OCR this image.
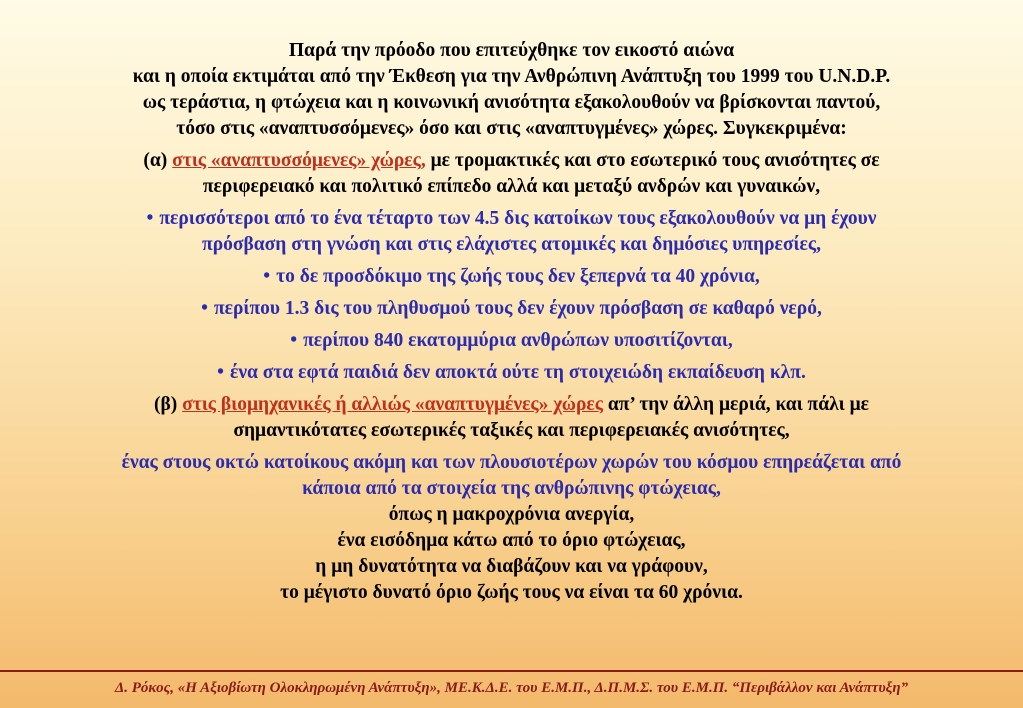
Παρά την πρόοδο που επιτεύχθηκε τον εικοστό αιώνα

και η οποία εκτιμάται από την Έκθεση για την Ανθρώπινη Ανάπτυξη του 1999 του U.N.D.P.

ως τεράστια, η φτώχεια και η κοινωνική ανισότητα εξακολουθούν να βρίσκονται παντού,

τόσο στις «αναπτυσσόμενες» όσο και στις «αναπτυγμένες» χώρες. Συγκεκριμένα:

(α) στις «αναπτυσσόμενες» χώρες, με τρομακτικές και στο εσωτερικό τους ανισότητες σε

περιφερειακό και πολιτικό επίπεδο αλλά και μεταξύ ανδρών και γυναικών,

• περισσότεροι από το ένα τέταρτο των 4.5 δις κατοίκων τους εξακολουθούν να μη έχουν

πρόσβαση στη γνώση και στις ελάχιστες ατομικές και δημόσιες υπηρεσίες,

• το δε προσδόκιμο της ζωής τους δεν ξεπερνά τα 40 χρόνια,

• περίπου 1.3 δις του πληθυσμού τους δεν έχουν πρόσβαση σε καθαρό νερό,

• περίπου 840 εκατομμύρια ανθρώπων υποσιτίζονται,

• ένα στα εφτά παιδιά δεν αποκτά ούτε τη στοιχειώδη εκπαίδευση κλπ.

(β) στις βιομηχανικές ή αλλιώς «αναπτυγμένες» χώρες απ’ την άλλη μεριά, και πάλι με

σημαντικότατες εσωτερικές ταξικές και περιφερειακές ανισότητες,

ένας στους οκτώ κατοίκους ακόμη και των πλουσιοτέρων χωρών του κόσμου επηρεάζεται από

κάποια από τα στοιχεία της ανθρώπινης φτώχειας,

όπως η μακροχρόνια ανεργία,

ένα εισόδημα κάτω από το όριο φτώχειας,

η μη δυνατότητα να διαβάζουν και να γράφουν,

το μέγιστο δυνατό όριο ζωής τους να είναι τα 60 χρόνια.

Δ. Ρόκος, «Η Αξιοβίωτη Ολοκληρωμένη Ανάπτυξη», ΜΕ.Κ.Δ.Ε. του Ε.Μ.Π., Δ.Π.Μ.Σ. του Ε.Μ.Π. “Περιβάλλον και Ανάπτυξη”
